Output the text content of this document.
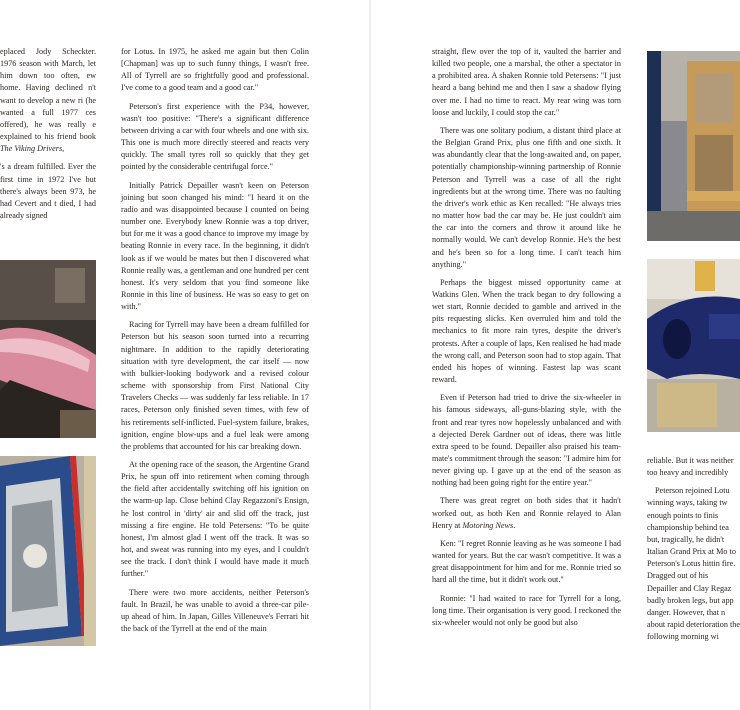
eplaced Jody Scheckter. 1976 season with March, let him down too often, ew home. Having declined n't want to develop a new ri (he wanted a full 1977 ces offered), he was really e explained to his friend book The Viking Drivers,

's a dream fulfilled. Ever the first time in 1972 I've but there's always been 973, he had Cevert and t died, I had already signed

for Lotus. In 1975, he asked me again but then Colin [Chapman] was up to such funny things, I wasn't free. All of Tyrrell are so frightfully good and professional. I've come to a good team and a good car."

Peterson's first experience with the P34, however, wasn't too positive: "There's a significant difference between driving a car with four wheels and one with six. This one is much more directly steered and reacts very quickly. The small tyres roll so quickly that they get pointed by the considerable centrifugal force."

Initially Patrick Depailler wasn't keen on Peterson joining but soon changed his mind: "I heard it on the radio and was disappointed because I counted on being number one. Everybody knew Ronnie was a top driver, but for me it was a good chance to improve my image by beating Ronnie in every race. In the beginning, it didn't look as if we would be mates but then I discovered what Ronnie really was, a gentleman and one hundred per cent honest. It's very seldom that you find someone like Ronnie in this line of business. He was so easy to get on with."

Racing for Tyrrell may have been a dream fulfilled for Peterson but his season soon turned into a recurring nightmare. In addition to the rapidly deteriorating situation with tyre development, the car itself — now with bulkier-looking bodywork and a revised colour scheme with sponsorship from First National City Travelers Checks — was suddenly far less reliable. In 17 races, Peterson only finished seven times, with few of his retirements self-inflicted. Fuel-system failure, brakes, ignition, engine blow-ups and a fuel leak were among the problems that accounted for his car breaking down.

At the opening race of the season, the Argentine Grand Prix, he spun off into retirement when coming through the field after accidentally switching off his ignition on the warm-up lap. Close behind Clay Regazzoni's Ensign, he lost control in 'dirty' air and slid off the track, just missing a fire engine. He told Petersens: "To be quite honest, I'm almost glad I went off the track. It was so hot, and sweat was running into my eyes, and I couldn't see the track. I don't think I would have made it much further."

There were two more accidents, neither Peterson's fault. In Brazil, he was unable to avoid a three-car pile-up ahead of him. In Japan, Gilles Villeneuve's Ferrari hit the back of the Tyrrell at the end of the main

straight, flew over the top of it, vaulted the barrier and killed two people, one a marshal, the other a spectator in a prohibited area. A shaken Ronnie told Petersens: "I just heard a bang behind me and then I saw a shadow flying over me. I had no time to react. My rear wing was torn loose and luckily, I could stop the car."

There was one solitary podium, a distant third place at the Belgian Grand Prix, plus one fifth and one sixth. It was abundantly clear that the long-awaited and, on paper, potentially championship-winning partnership of Ronnie Peterson and Tyrrell was a case of all the right ingredients but at the wrong time. There was no faulting the driver's work ethic as Ken recalled: "He always tries no matter how bad the car may be. He just couldn't aim the car into the corners and throw it around like he normally would. We can't develop Ronnie. He's the best and he's been so for a long time. I can't teach him anything."

Perhaps the biggest missed opportunity came at Watkins Glen. When the track began to dry following a wet start, Ronnie decided to gamble and arrived in the pits requesting slicks. Ken overruled him and told the mechanics to fit more rain tyres, despite the driver's protests. After a couple of laps, Ken realised he had made the wrong call, and Peterson soon had to stop again. That ended his hopes of winning. Fastest lap was scant reward.

Even if Peterson had tried to drive the six-wheeler in his famous sideways, all-guns-blazing style, with the front and rear tyres now hopelessly unbalanced and with a dejected Derek Gardner out of ideas, there was little extra speed to be found. Depailler also praised his team-mate's commitment through the season: "I admire him for never giving up. I gave up at the end of the season as nothing had been going right for the entire year."

There was great regret on both sides that it hadn't worked out, as both Ken and Ronnie relayed to Alan Henry at Motoring News.

Ken: "I regret Ronnie leaving as he was someone I had wanted for years. But the car wasn't competitive. It was a great disappointment for him and for me. Ronnie tried so hard all the time, but it didn't work out."

Ronnie: "I had waited to race for Tyrrell for a long, long time. Their organisation is very good. I reckoned the six-wheeler would not only be good but also

reliable. But it was neither too heavy and incredibly

Peterson rejoined Lotu winning ways, taking tw enough points to finis championship behind tea but, tragically, he didn't Italian Grand Prix at Mo to Peterson's Lotus hittin fire. Dragged out of his Depailler and Clay Regaz badly broken legs, but app danger. However, that n about rapid deterioration the following morning wi
